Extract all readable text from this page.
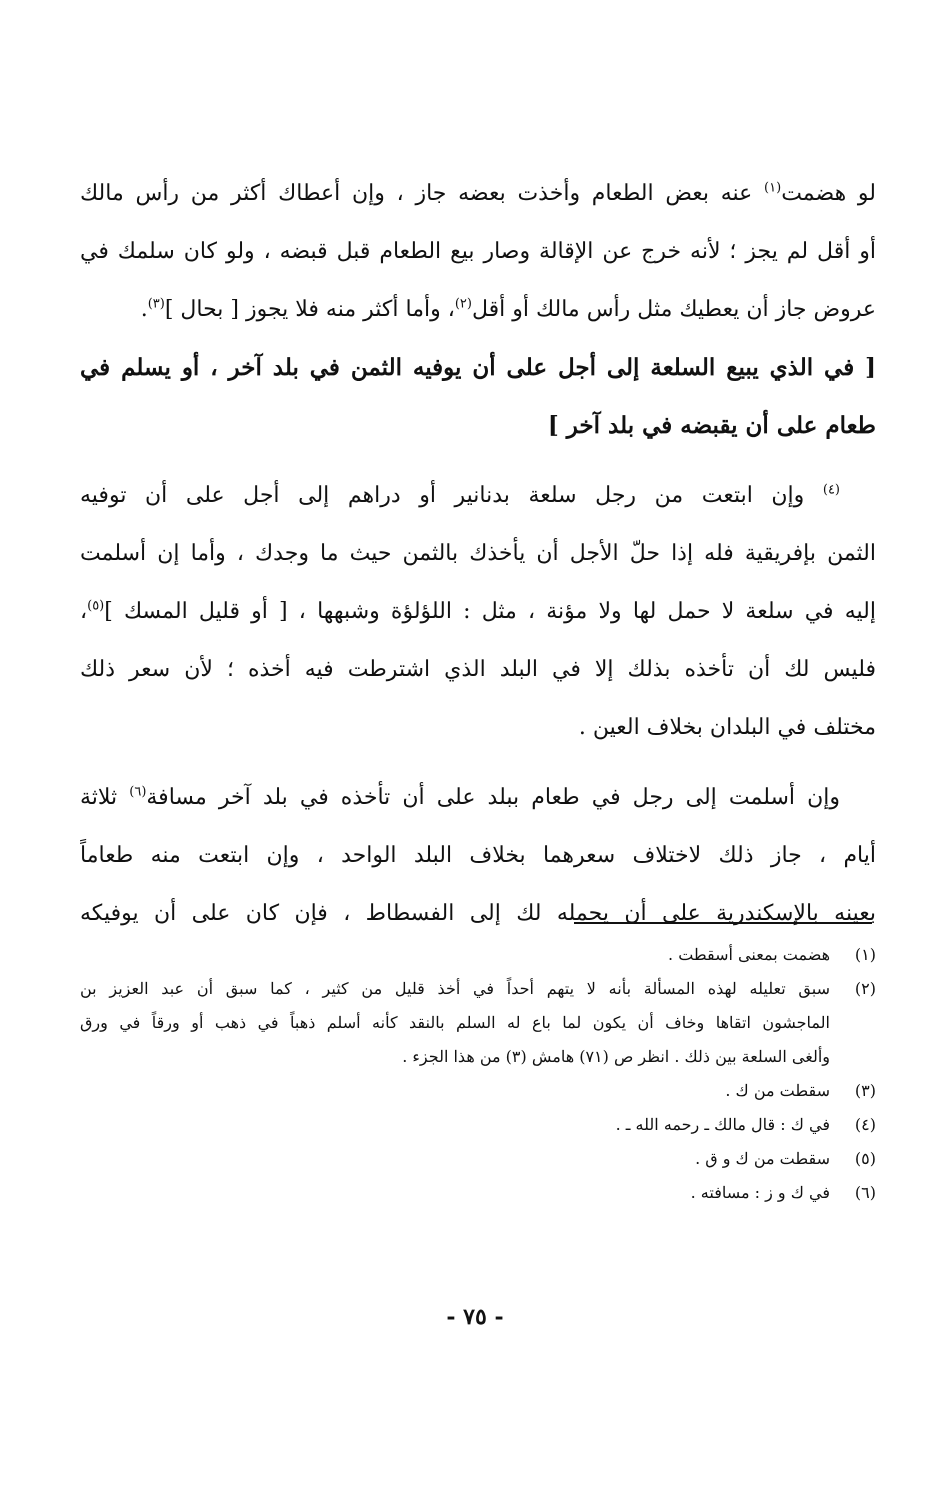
لو هضمت$^{(١)}$ عنه بعض الطعام وأخذت بعضه جاز ، وإن أعطاك أكثر من رأس مالك
أو أقل لم يجز ؛ لأنه خرج عن الإقالة وصار بيع الطعام قبل قبضه ، ولو كان سلمك في
عروض جاز أن يعطيك مثل رأس مالك أو أقل$^{(٢)}$، وأما أكثر منه فلا يجوز [ بحال ]$^{(٣)}$.
[ في الذي يبيع السلعة إلى أجل على أن يوفيه الثمن في بلد آخر ، أو يسلم في
طعام على أن يقبضه في بلد آخر ]
$^{(٤)}$ وإن ابتعت من رجل سلعة بدنانير أو دراهم إلى أجل على أن توفيه
الثمن بإفريقية فله إذا حلّ الأجل أن يأخذك بالثمن حيث ما وجدك ، وأما إن أسلمت
إليه في سلعة لا حمل لها ولا مؤنة ، مثل : اللؤلؤة وشبهها ، [ أو قليل المسك ]$^{(٥)}$،
فليس لك أن تأخذه بذلك إلا في البلد الذي اشترطت فيه أخذه ؛ لأن سعر ذلك
مختلف في البلدان بخلاف العين .
وإن أسلمت إلى رجل في طعام ببلد على أن تأخذه في بلد آخر مسافة$^{(٦)}$ ثلاثة
أيام ، جاز ذلك لاختلاف سعرهما بخلاف البلد الواحد ، وإن ابتعت منه طعاماً
بعينه بالإسكندرية على أن يحمله لك إلى الفسطاط ، فإن كان على أن يوفيكه
(١)
هضمت بمعنى أسقطت .
(٢)
سبق تعليله لهذه المسألة بأنه لا يتهم أحداً في أخذ قليل من كثير ، كما سبق أن عبد العزيز بن
الماجشون اتقاها وخاف أن يكون لما باع له السلم بالنقد كأنه أسلم ذهباً في ذهب أو ورقاً في ورق
وألغى السلعة بين ذلك . انظر ص (٧١) هامش (٣) من هذا الجزء .
(٣)
سقطت من ك .
(٤)
في ك : قال مالك ـ رحمه الله ـ .
(٥)
سقطت من ك و ق .
(٦)
في ك و ز : مسافته .
- ٧٥ -
